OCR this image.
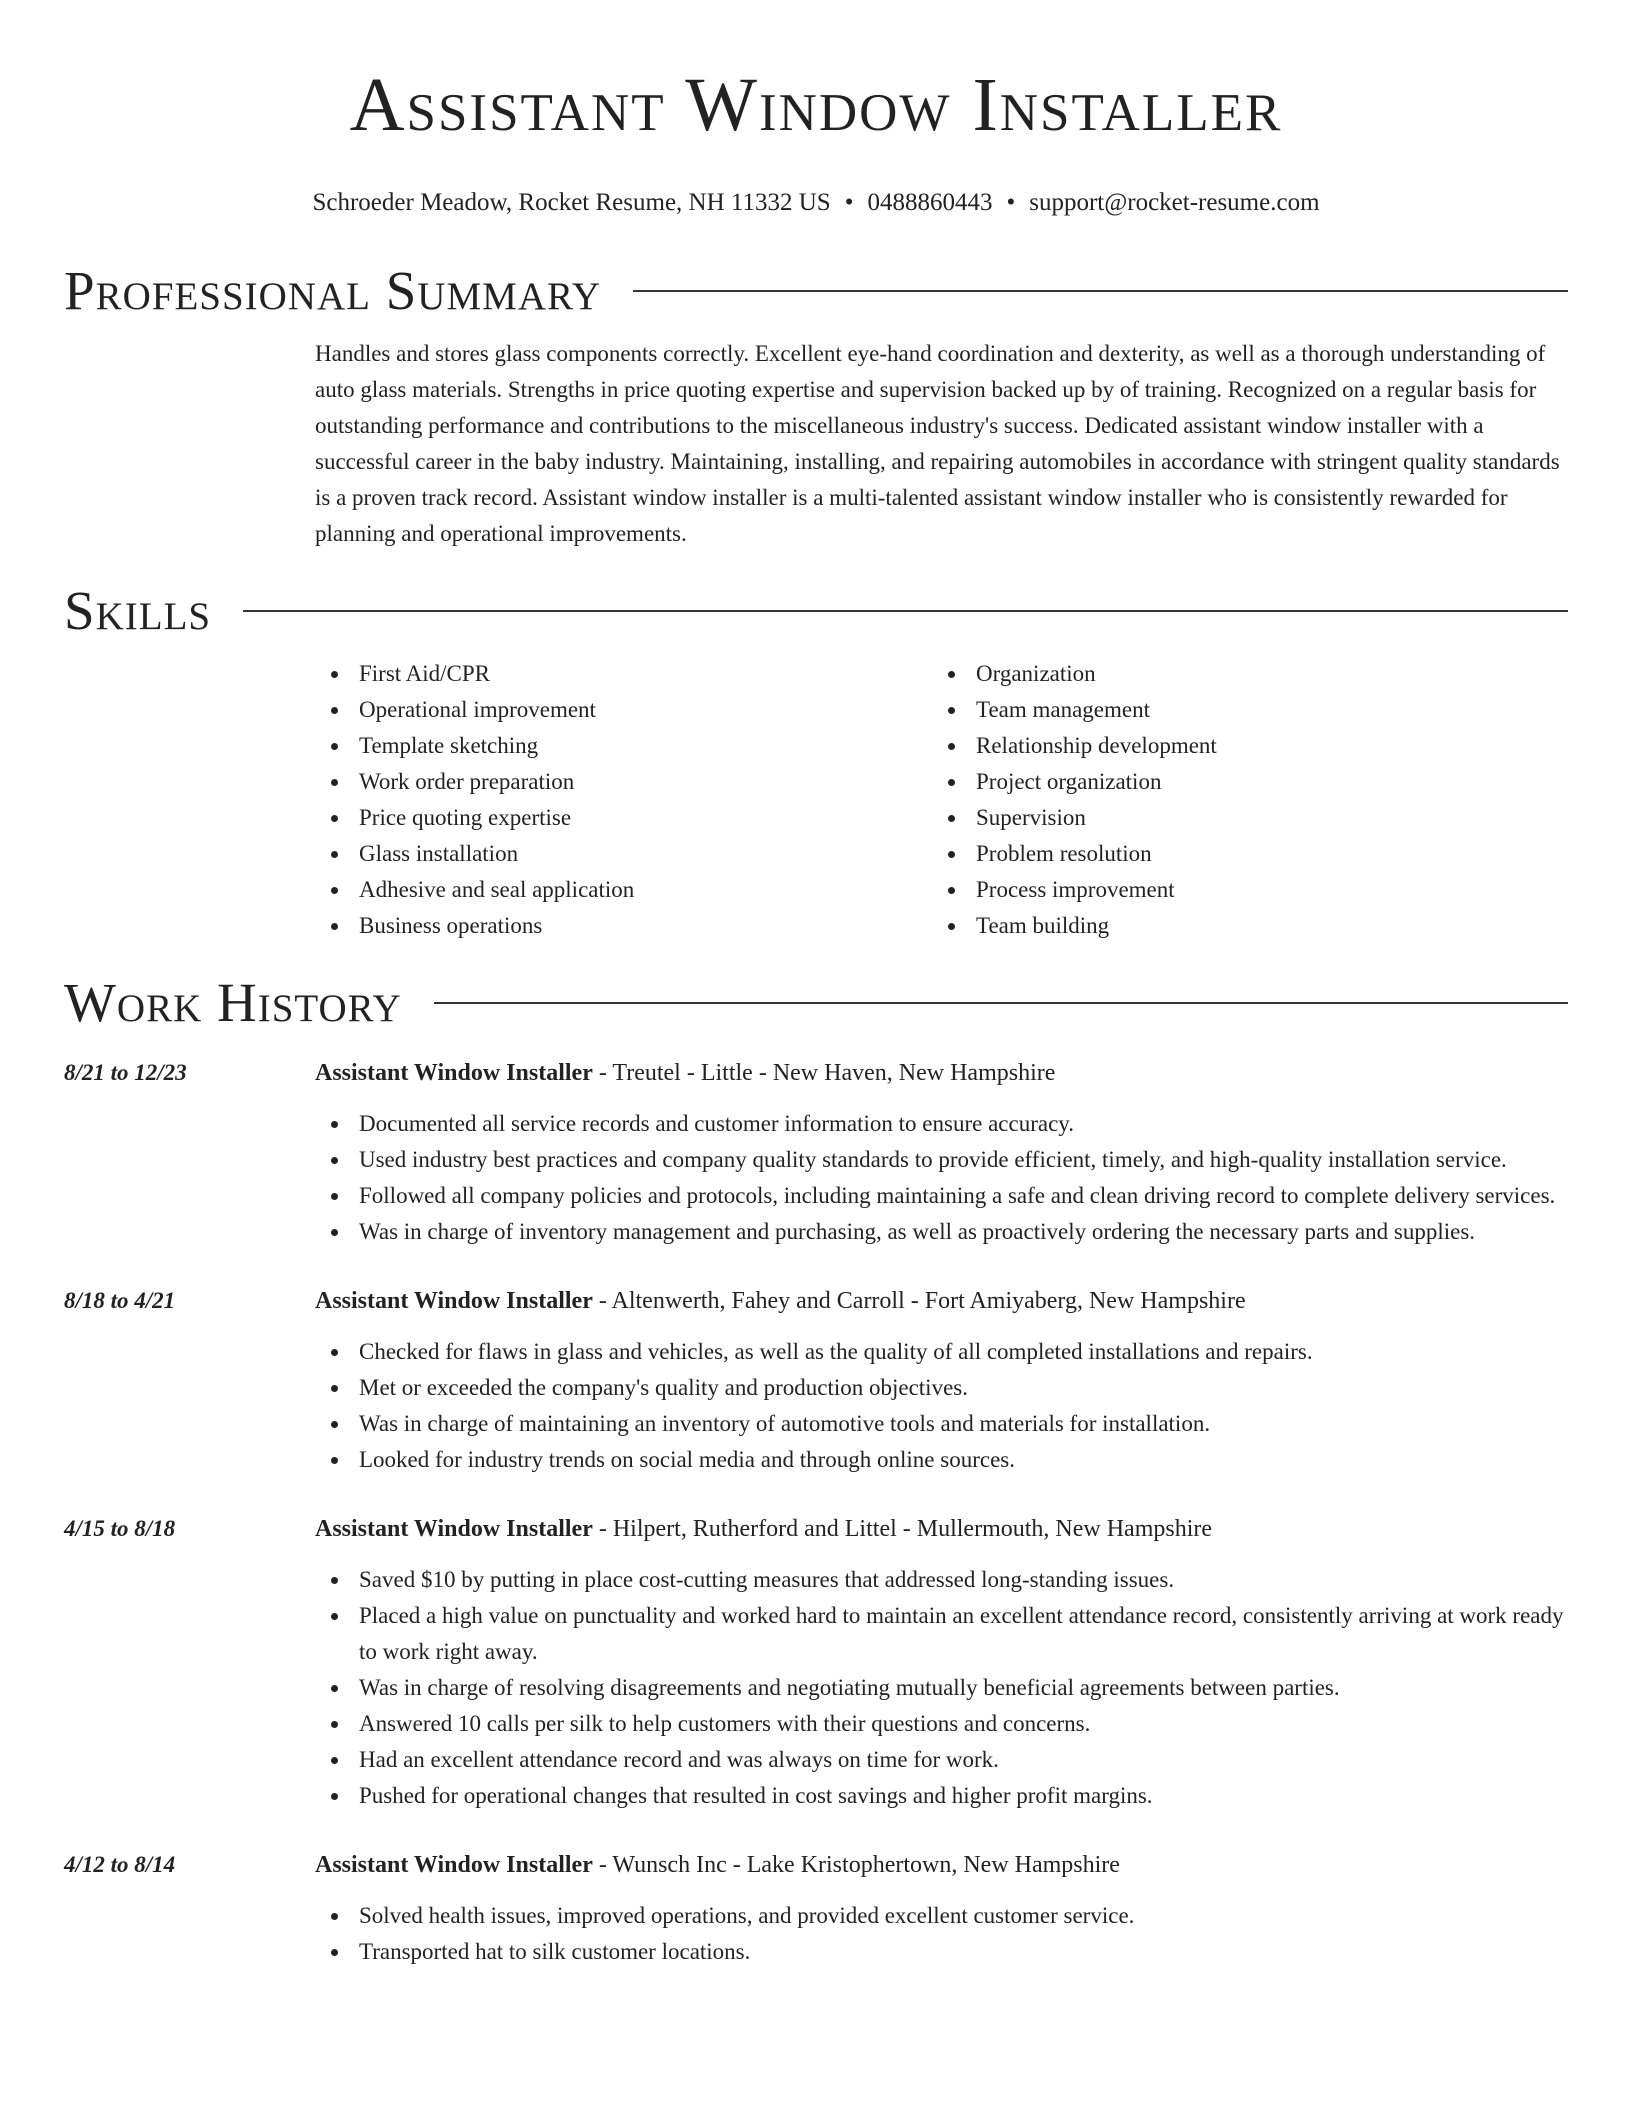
Assistant Window Installer
Schroeder Meadow, Rocket Resume, NH 11332 US • 0488860443 • support@rocket-resume.com
Professional Summary

Handles and stores glass components correctly. Excellent eye-hand coordination and dexterity, as well as a thorough understanding of auto glass materials. Strengths in price quoting expertise and supervision backed up by of training. Recognized on a regular basis for outstanding performance and contributions to the miscellaneous industry's success. Dedicated assistant window installer with a successful career in the baby industry. Maintaining, installing, and repairing automobiles in accordance with stringent quality standards is a proven track record. Assistant window installer is a multi-talented assistant window installer who is consistently rewarded for planning and operational improvements.

Skills
First Aid/CPR
Operational improvement
Template sketching
Work order preparation
Price quoting expertise
Glass installation
Adhesive and seal application
Business operations
Organization
Team management
Relationship development
Project organization
Supervision
Problem resolution
Process improvement
Team building
Work History
8/21 to 12/23	Assistant Window Installer - Treutel - Little - New Haven, New Hampshire
Documented all service records and customer information to ensure accuracy.
Used industry best practices and company quality standards to provide efficient, timely, and high-quality installation service.
Followed all company policies and protocols, including maintaining a safe and clean driving record to complete delivery services.
Was in charge of inventory management and purchasing, as well as proactively ordering the necessary parts and supplies.
8/18 to 4/21	Assistant Window Installer - Altenwerth, Fahey and Carroll - Fort Amiyaberg, New Hampshire
Checked for flaws in glass and vehicles, as well as the quality of all completed installations and repairs.
Met or exceeded the company's quality and production objectives.
Was in charge of maintaining an inventory of automotive tools and materials for installation.
Looked for industry trends on social media and through online sources.
4/15 to 8/18	Assistant Window Installer - Hilpert, Rutherford and Littel - Mullermouth, New Hampshire
Saved $10 by putting in place cost-cutting measures that addressed long-standing issues.
Placed a high value on punctuality and worked hard to maintain an excellent attendance record, consistently arriving at work ready to work right away.
Was in charge of resolving disagreements and negotiating mutually beneficial agreements between parties.
Answered 10 calls per silk to help customers with their questions and concerns.
Had an excellent attendance record and was always on time for work.
Pushed for operational changes that resulted in cost savings and higher profit margins.
4/12 to 8/14	Assistant Window Installer - Wunsch Inc - Lake Kristophertown, New Hampshire
Solved health issues, improved operations, and provided excellent customer service.
Transported hat to silk customer locations.
